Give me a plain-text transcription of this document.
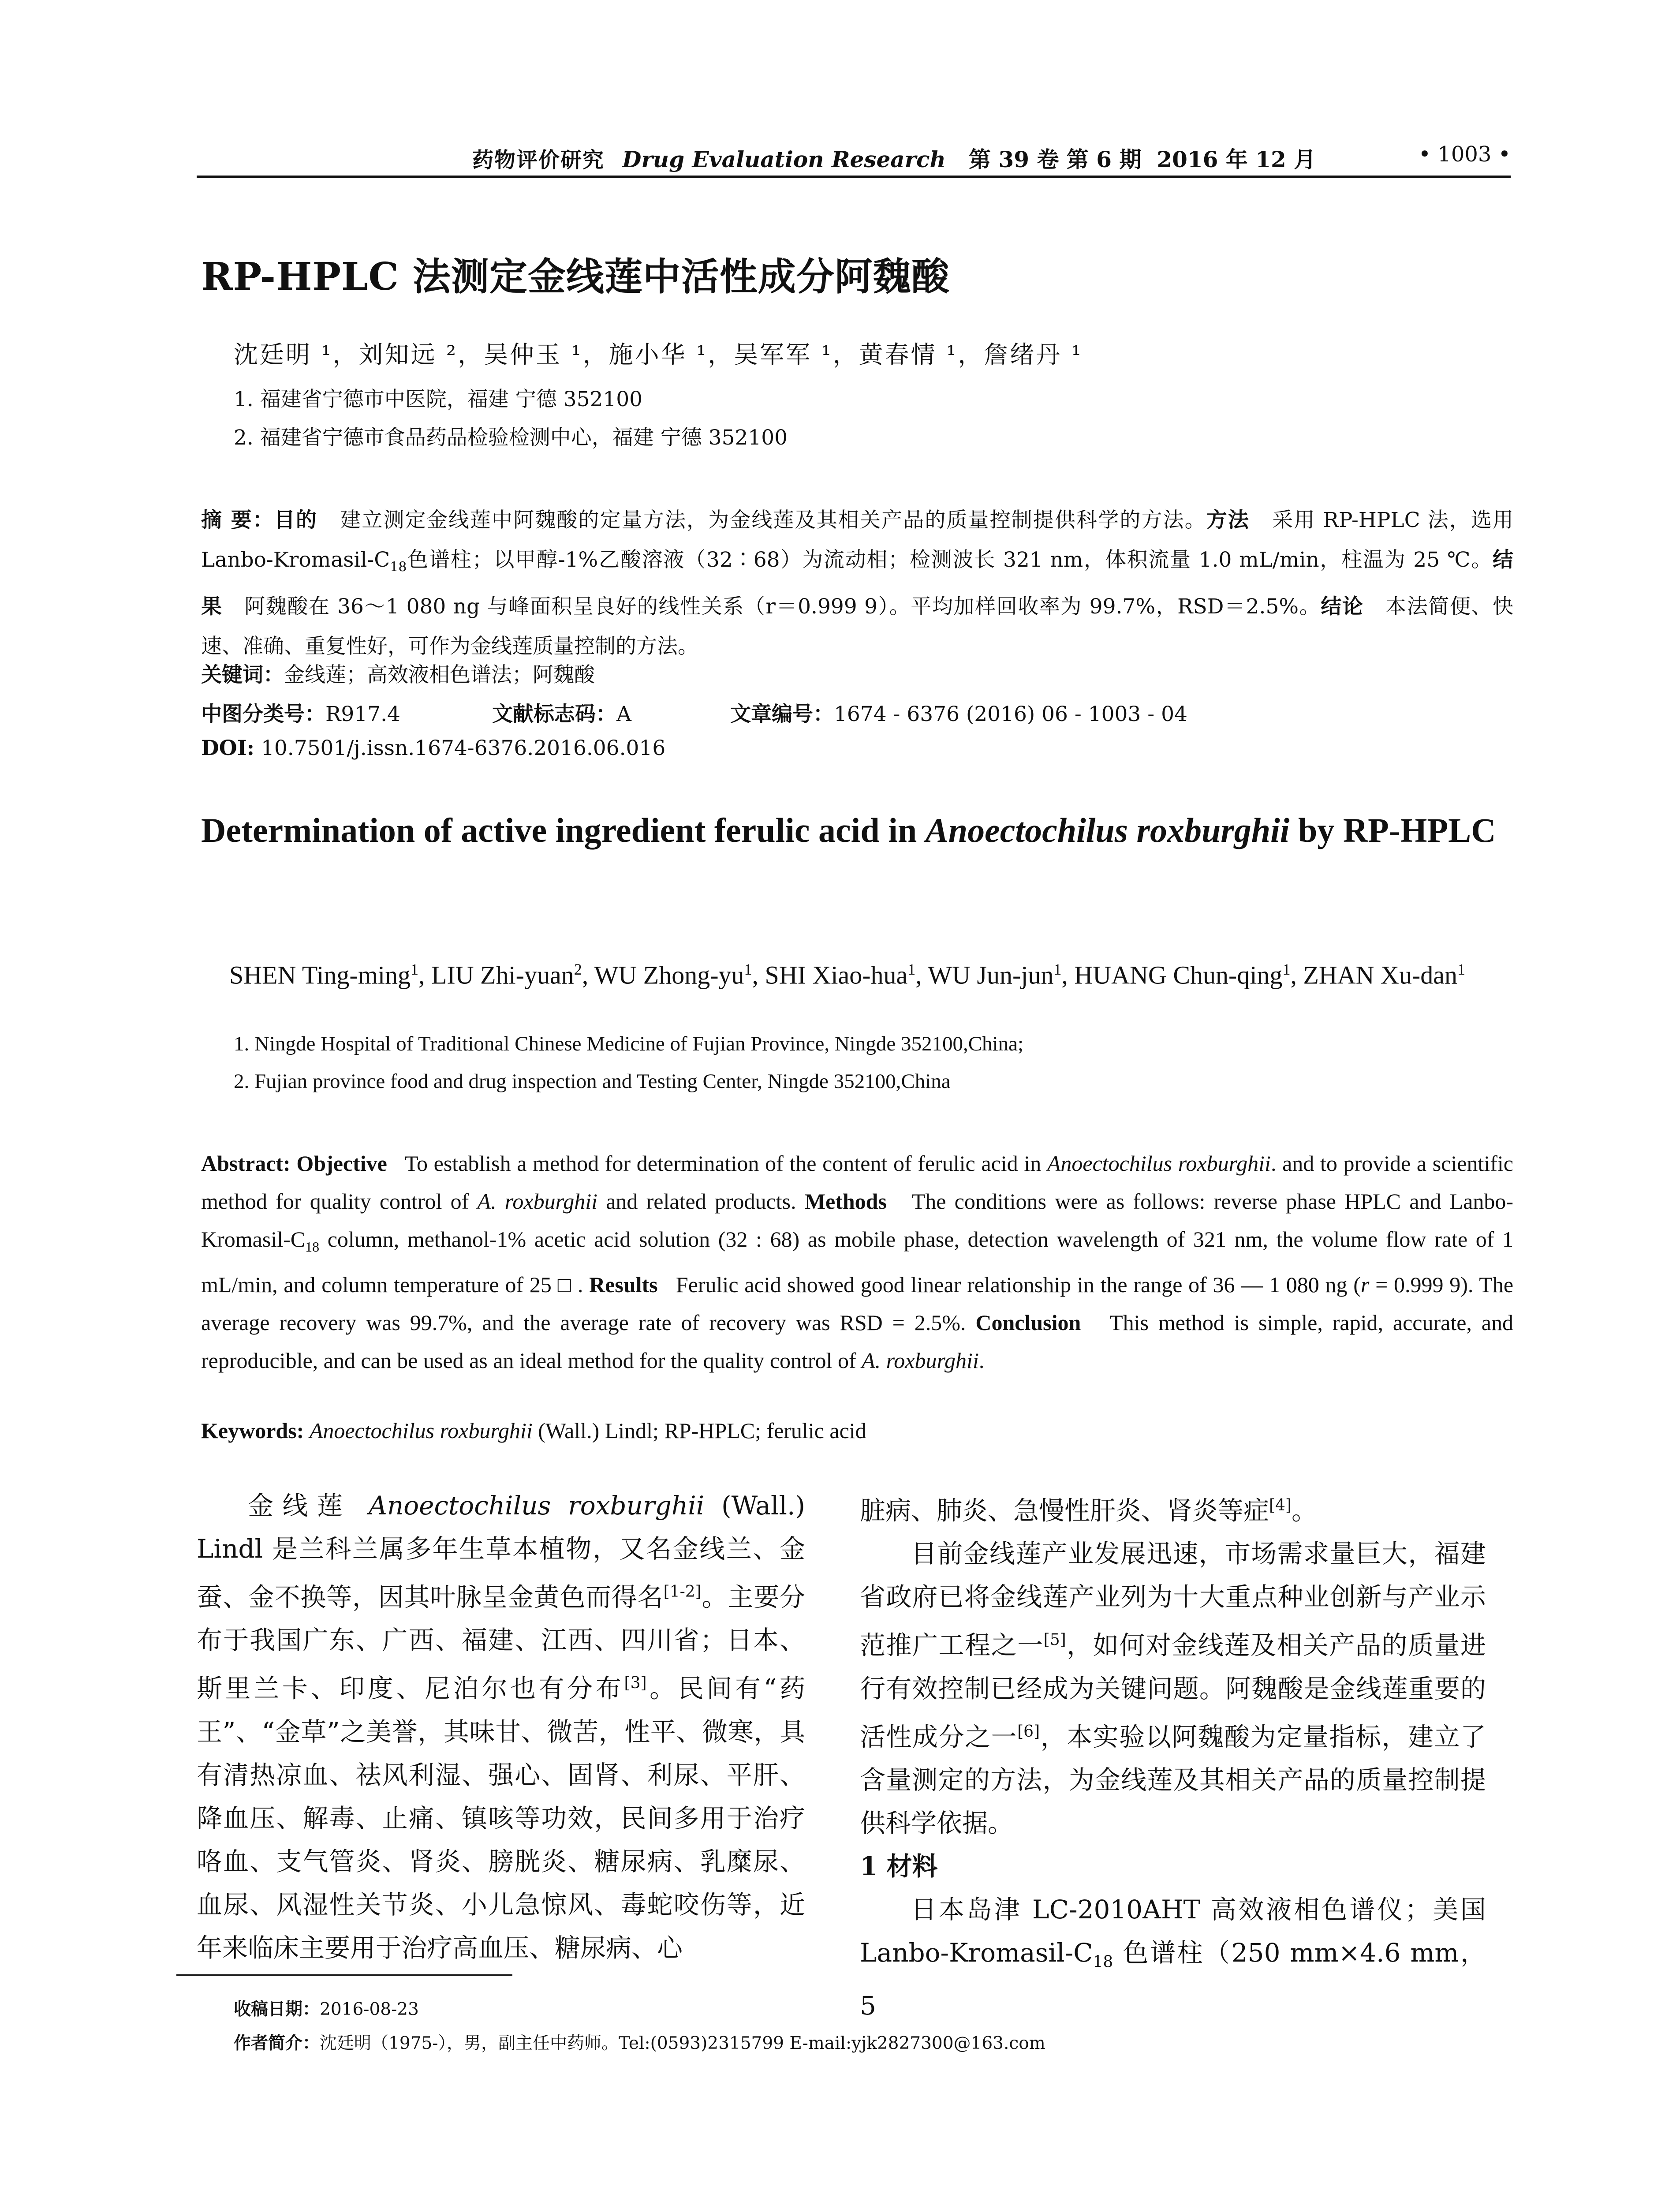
药物评价研究 Drug Evaluation Research 第 39 卷 第 6 期 2016 年 12 月	• 1003 •
RP-HPLC 法测定金线莲中活性成分阿魏酸
沈廷明 ¹，刘知远 ²，吴仲玉 ¹，施小华 ¹，吴军军 ¹，黄春情 ¹，詹绪丹 ¹
1. 福建省宁德市中医院，福建 宁德 352100
2. 福建省宁德市食品药品检验检测中心，福建 宁德 352100
摘 要：目的 建立测定金线莲中阿魏酸的定量方法，为金线莲及其相关产品的质量控制提供科学的方法。方法 采用 RP-HPLC 法，选用 Lanbo-$Kromasil-C_{18}$色谱柱；以甲醇-1%乙酸溶液（32∶68）为流动相；检测波长 321 nm，体积流量 1.0 mL/min，柱温为 25 ℃。结果 阿魏酸在 36～1 080 ng 与峰面积呈良好的线性关系（r＝0.999 9）。平均加样回收率为 99.7%，RSD＝2.5%。结论 本法简便、快速、准确、重复性好，可作为金线莲质量控制的方法。
关键词：金线莲；高效液相色谱法；阿魏酸
中图分类号：R917.4	文献标志码：A	文章编号：1674 - 6376 (2016) 06 - 1003 - 04
DOI: 10.7501/j.issn.1674-6376.2016.06.016
Determination of active ingredient ferulic acid in Anoectochilus roxburghii by RP-HPLC
SHEN Ting-ming$^1$, LIU Zhi-yuan$^2$, WU Zhong-$yu^1$, SHI Xiao-hua$^1$, WU Jun-jun$^1$, HUANG Chun-qing$^1$, ZHAN Xu-dan$^1$
1. Ningde Hospital of Traditional Chinese Medicine of Fujian Province, Ningde 352100,China;
2. Fujian province food and drug inspection and Testing Center, Ningde 352100,China
Abstract: Objective To establish a method for determination of the content of ferulic acid in Anoectochilus roxburghii. and to provide a scientific method for quality control of A. roxburghii and related products. Methods The conditions were as follows: reverse phase HPLC and Lanbo-$Kromasil-C_{18}$ column, methanol-1% acetic acid solution (32 : 68) as mobile phase, detection wavelength of 321 nm, the volume flow rate of 1 mL/min, and column temperature of 25 □ . Results Ferulic acid showed good linear relationship in the range of 36 — 1 080 ng (r = 0.999 9). The average recovery was 99.7%, and the average rate of recovery was RSD = 2.5%. Conclusion This method is simple, rapid, accurate, and reproducible, and can be used as an ideal method for the quality control of A. roxburghii.
Keywords: Anoectochilus roxburghii (Wall.) Lindl; RP-HPLC; ferulic acid

金线莲 Anoectochilus roxburghii (Wall.) Lindl 是兰科兰属多年生草本植物，又名金线兰、金蚕、金不换等，因其叶脉呈金黄色而得名[1-2]。主要分布于我国广东、广西、福建、江西、四川省；日本、斯里兰卡、印度、尼泊尔也有分布[3]。民间有“药王”、“金草”之美誉，其味甘、微苦，性平、微寒，具有清热凉血、祛风利湿、强心、固肾、利尿、平肝、降血压、解毒、止痛、镇咳等功效，民间多用于治疗咯血、支气管炎、肾炎、膀胱炎、糖尿病、乳糜尿、血尿、风湿性关节炎、小儿急惊风、毒蛇咬伤等，近年来临床主要用于治疗高血压、糖尿病、心

脏病、肺炎、急慢性肝炎、肾炎等症[4]。

目前金线莲产业发展迅速，市场需求量巨大，福建省政府已将金线莲产业列为十大重点种业创新与产业示范推广工程之一[5]，如何对金线莲及相关产品的质量进行有效控制已经成为关键问题。阿魏酸是金线莲重要的活性成分之一[6]，本实验以阿魏酸为定量指标，建立了含量测定的方法，为金线莲及其相关产品的质量控制提供科学依据。

1 材料

日本岛津 LC-2010AHT 高效液相色谱仪；美国 Lanbo-$Kromasil-C_{18}$ 色谱柱（250 mm×4.6 mm，5

收稿日期：2016-08-23
作者简介：沈廷明（1975-），男，副主任中药师。Tel:(0593)2315799 E-mail:yjk2827300@163.com
